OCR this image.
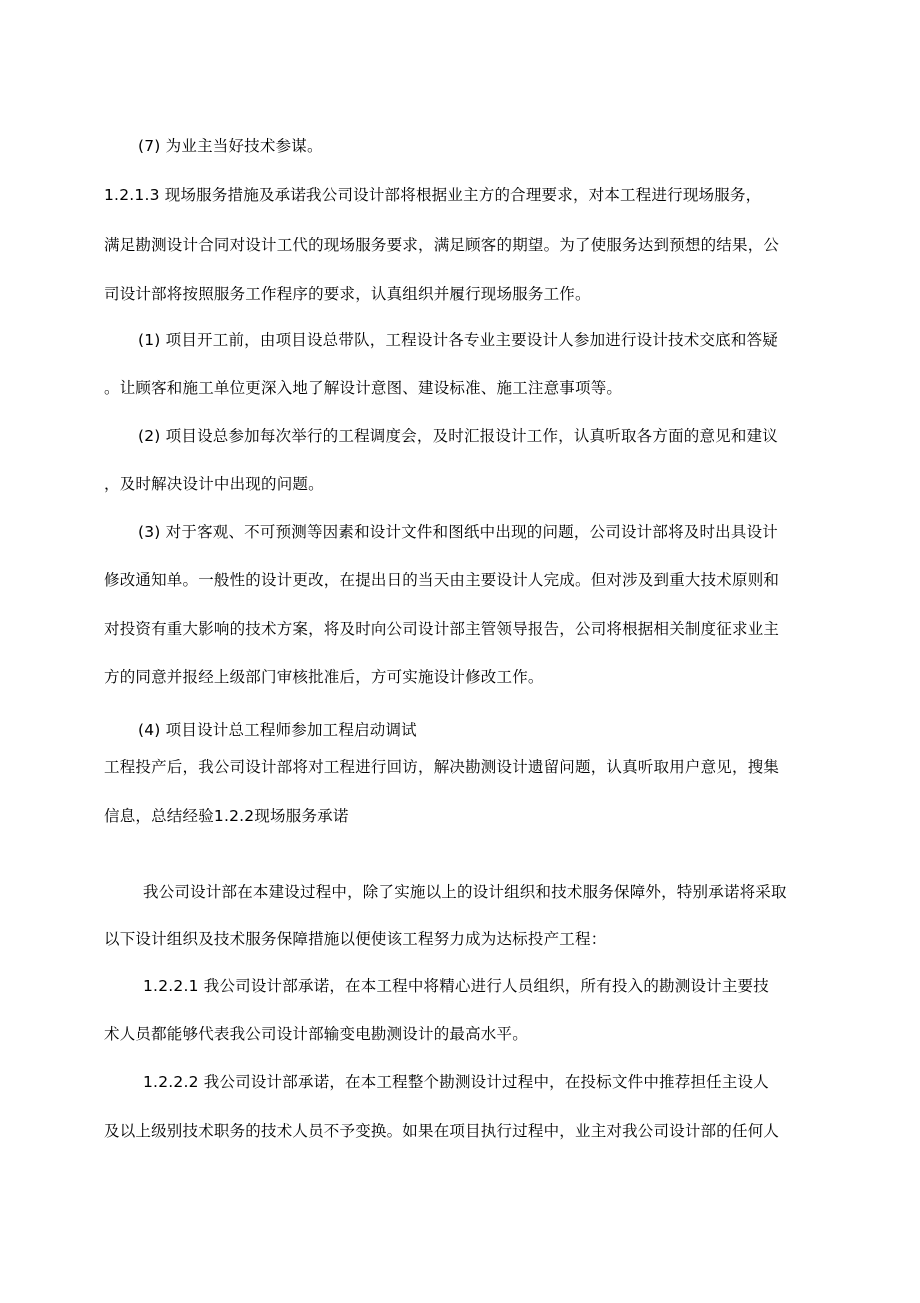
(7) 为业主当好技术参谋。
1.2.1.3 现场服务措施及承诺我公司设计部将根据业主方的合理要求，对本工程进行现场服务，
满足勘测设计合同对设计工代的现场服务要求，满足顾客的期望。为了使服务达到预想的结果，公
司设计部将按照服务工作程序的要求，认真组织并履行现场服务工作。
(1) 项目开工前，由项目设总带队，工程设计各专业主要设计人参加进行设计技术交底和答疑
。让顾客和施工单位更深入地了解设计意图、建设标准、施工注意事项等。
(2) 项目设总参加每次举行的工程调度会，及时汇报设计工作，认真听取各方面的意见和建议
，及时解决设计中出现的问题。
(3) 对于客观、不可预测等因素和设计文件和图纸中出现的问题，公司设计部将及时出具设计
修改通知单。一般性的设计更改，在提出日的当天由主要设计人完成。但对涉及到重大技术原则和
对投资有重大影响的技术方案，将及时向公司设计部主管领导报告，公司将根据相关制度征求业主
方的同意并报经上级部门审核批准后，方可实施设计修改工作。
(4) 项目设计总工程师参加工程启动调试
工程投产后，我公司设计部将对工程进行回访，解决勘测设计遗留问题，认真听取用户意见，搜集
信息，总结经验1.2.2现场服务承诺
我公司设计部在本建设过程中，除了实施以上的设计组织和技术服务保障外，特别承诺将采取
以下设计组织及技术服务保障措施以便使该工程努力成为达标投产工程：
1.2.2.1 我公司设计部承诺，在本工程中将精心进行人员组织，所有投入的勘测设计主要技
术人员都能够代表我公司设计部输变电勘测设计的最高水平。
1.2.2.2 我公司设计部承诺，在本工程整个勘测设计过程中，在投标文件中推荐担任主设人
及以上级别技术职务的技术人员不予变换。如果在项目执行过程中，业主对我公司设计部的任何人
